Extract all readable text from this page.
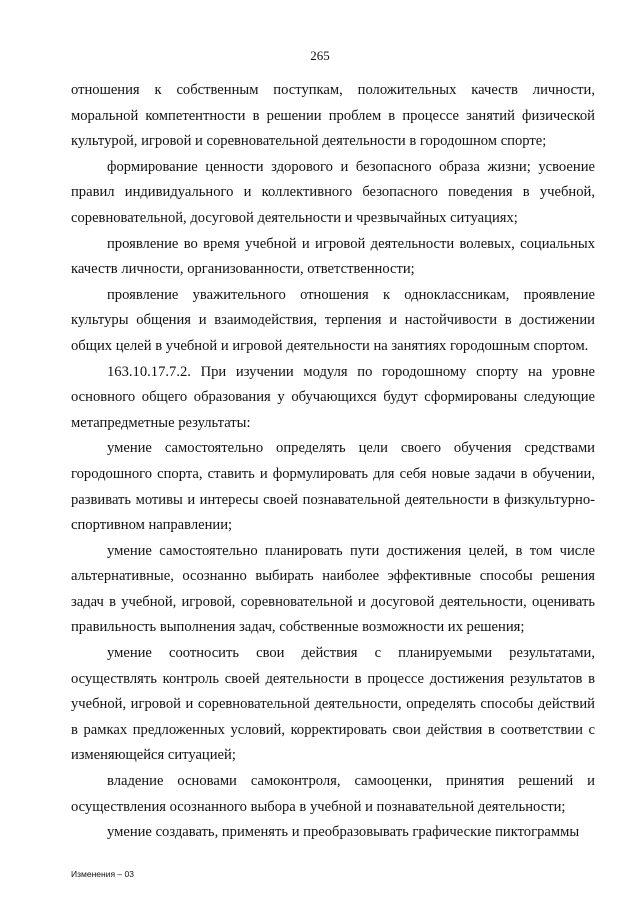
265

отношения к собственным поступкам, положительных качеств личности, моральной компетентности в решении проблем в процессе занятий физической культурой, игровой и соревновательной деятельности в городошном спорте;

формирование ценности здорового и безопасного образа жизни; усвоение правил индивидуального и коллективного безопасного поведения в учебной, соревновательной, досуговой деятельности и чрезвычайных ситуациях;

проявление во время учебной и игровой деятельности волевых, социальных качеств личности, организованности, ответственности;

проявление уважительного отношения к одноклассникам, проявление культуры общения и взаимодействия, терпения и настойчивости в достижении общих целей в учебной и игровой деятельности на занятиях городошным спортом.

163.10.17.7.2. При изучении модуля по городошному спорту на уровне основного общего образования у обучающихся будут сформированы следующие метапредметные результаты:

умение самостоятельно определять цели своего обучения средствами городошного спорта, ставить и формулировать для себя новые задачи в обучении, развивать мотивы и интересы своей познавательной деятельности в физкультурно-спортивном направлении;

умение самостоятельно планировать пути достижения целей, в том числе альтернативные, осознанно выбирать наиболее эффективные способы решения задач в учебной, игровой, соревновательной и досуговой деятельности, оценивать правильность выполнения задач, собственные возможности их решения;

умение соотносить свои действия с планируемыми результатами, осуществлять контроль своей деятельности в процессе достижения результатов в учебной, игровой и соревновательной деятельности, определять способы действий в рамках предложенных условий, корректировать свои действия в соответствии с изменяющейся ситуацией;

владение основами самоконтроля, самооценки, принятия решений и осуществления осознанного выбора в учебной и познавательной деятельности;

умение создавать, применять и преобразовывать графические пиктограммы

Изменения – 03
